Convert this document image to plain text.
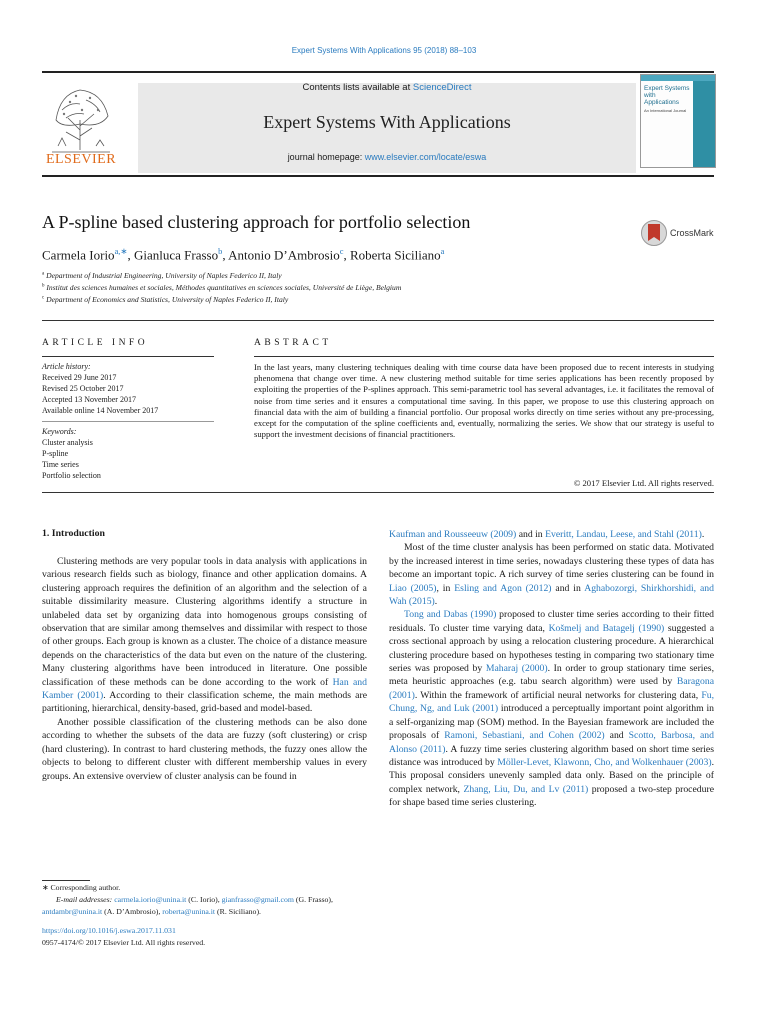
Expert Systems With Applications 95 (2018) 88–103
ELSEVIER
Contents lists available at ScienceDirect
Expert Systems With Applications
journal homepage: www.elsevier.com/locate/eswa
Expert Systems with Applications
An International Journal
A P-spline based clustering approach for portfolio selection
CrossMark
Carmela Iorio$^{a,∗}$, Gianluca Frasso$^b$, Antonio D’Ambrosio$^c$, Roberta Siciliano$^a$
$^a$ Department of Industrial Engineering, University of Naples Federico II, Italy
$^b$ Institut des sciences humaines et sociales, Méthodes quantitatives en sciences sociales, Université de Liège, Belgium
$^c$ Department of Economics and Statistics, University of Naples Federico II, Italy
ARTICLE INFO
Article history:
Received 29 June 2017
Revised 25 October 2017
Accepted 13 November 2017
Available online 14 November 2017
Keywords:
Cluster analysis
P-spline
Time series
Portfolio selection
ABSTRACT

In the last years, many clustering techniques dealing with time course data have been proposed due to recent interests in studying phenomena that change over time. A new clustering method suitable for time series applications has been recently proposed by exploiting the properties of the P-splines approach. This semi-parametric tool has several advantages, i.e. it facilitates the removal of noise from time series and it ensures a computational time saving. In this paper, we propose to use this clustering approach on financial data with the aim of building a financial portfolio. Our proposal works directly on time series without any pre-processing, except for the computation of the spline coefficients and, eventually, normalizing the series. We show that our strategy is useful to support the investment decisions of financial practitioners.

© 2017 Elsevier Ltd. All rights reserved.
1. Introduction

Clustering methods are very popular tools in data analysis with applications in various research fields such as biology, finance and other application domains. A clustering approach requires the definition of an algorithm and the selection of a suitable dissimilarity measure. Clustering algorithms identify a structure in unlabeled data set by organizing data into homogenous groups consisting of observation that are similar among themselves and dissimilar with respect to those of other groups. Each group is known as a cluster. The choice of a distance measure depends on the characteristics of the data but even on the nature of the clustering. Many clustering algorithms have been introduced in literature. One possible classification of these methods can be done according to the work of Han and Kamber (2001). According to their classification scheme, the main methods are partitioning, hierarchical, density-based, grid-based and model-based.

Another possible classification of the clustering methods can be also done according to whether the subsets of the data are fuzzy (soft clustering) or crisp (hard clustering). In contrast to hard clustering methods, the fuzzy ones allow the objects to belong to different cluster with different membership values in every groups. An extensive overview of cluster analysis can be found in

Kaufman and Rousseeuw (2009) and in Everitt, Landau, Leese, and Stahl (2011).

Most of the time cluster analysis has been performed on static data. Motivated by the increased interest in time series, nowadays clustering these types of data has become an important topic. A rich survey of time series clustering can be found in Liao (2005), in Esling and Agon (2012) and in Aghabozorgi, Shirkhorshidi, and Wah (2015).

Tong and Dabas (1990) proposed to cluster time series according to their fitted residuals. To cluster time varying data, Košmelj and Batagelj (1990) suggested a cross sectional approach by using a relocation clustering procedure. A hierarchical clustering procedure based on hypotheses testing in comparing two stationary time series was proposed by Maharaj (2000). In order to group stationary time series, meta heuristic approaches (e.g. tabu search algorithm) were used by Baragona (2001). Within the framework of artificial neural networks for clustering data, Fu, Chung, Ng, and Luk (2001) introduced a perceptually important point algorithm in a self-organizing map (SOM) method. In the Bayesian framework are included the proposals of Ramoni, Sebastiani, and Cohen (2002) and Scotto, Barbosa, and Alonso (2011). A fuzzy time series clustering algorithm based on short time series distance was introduced by Möller-Levet, Klawonn, Cho, and Wolkenhauer (2003). This proposal considers unevenly sampled data only. Based on the principle of complex network, Zhang, Liu, Du, and Lv (2011) proposed a two-step procedure for shape based time series clustering.

∗ Corresponding author.
E-mail addresses: carmela.iorio@unina.it (C. Iorio), gianfrasso@gmail.com (G. Frasso), antdambr@unina.it (A. D’Ambrosio), roberta@unina.it (R. Siciliano).
https://doi.org/10.1016/j.eswa.2017.11.031
0957-4174/© 2017 Elsevier Ltd. All rights reserved.
